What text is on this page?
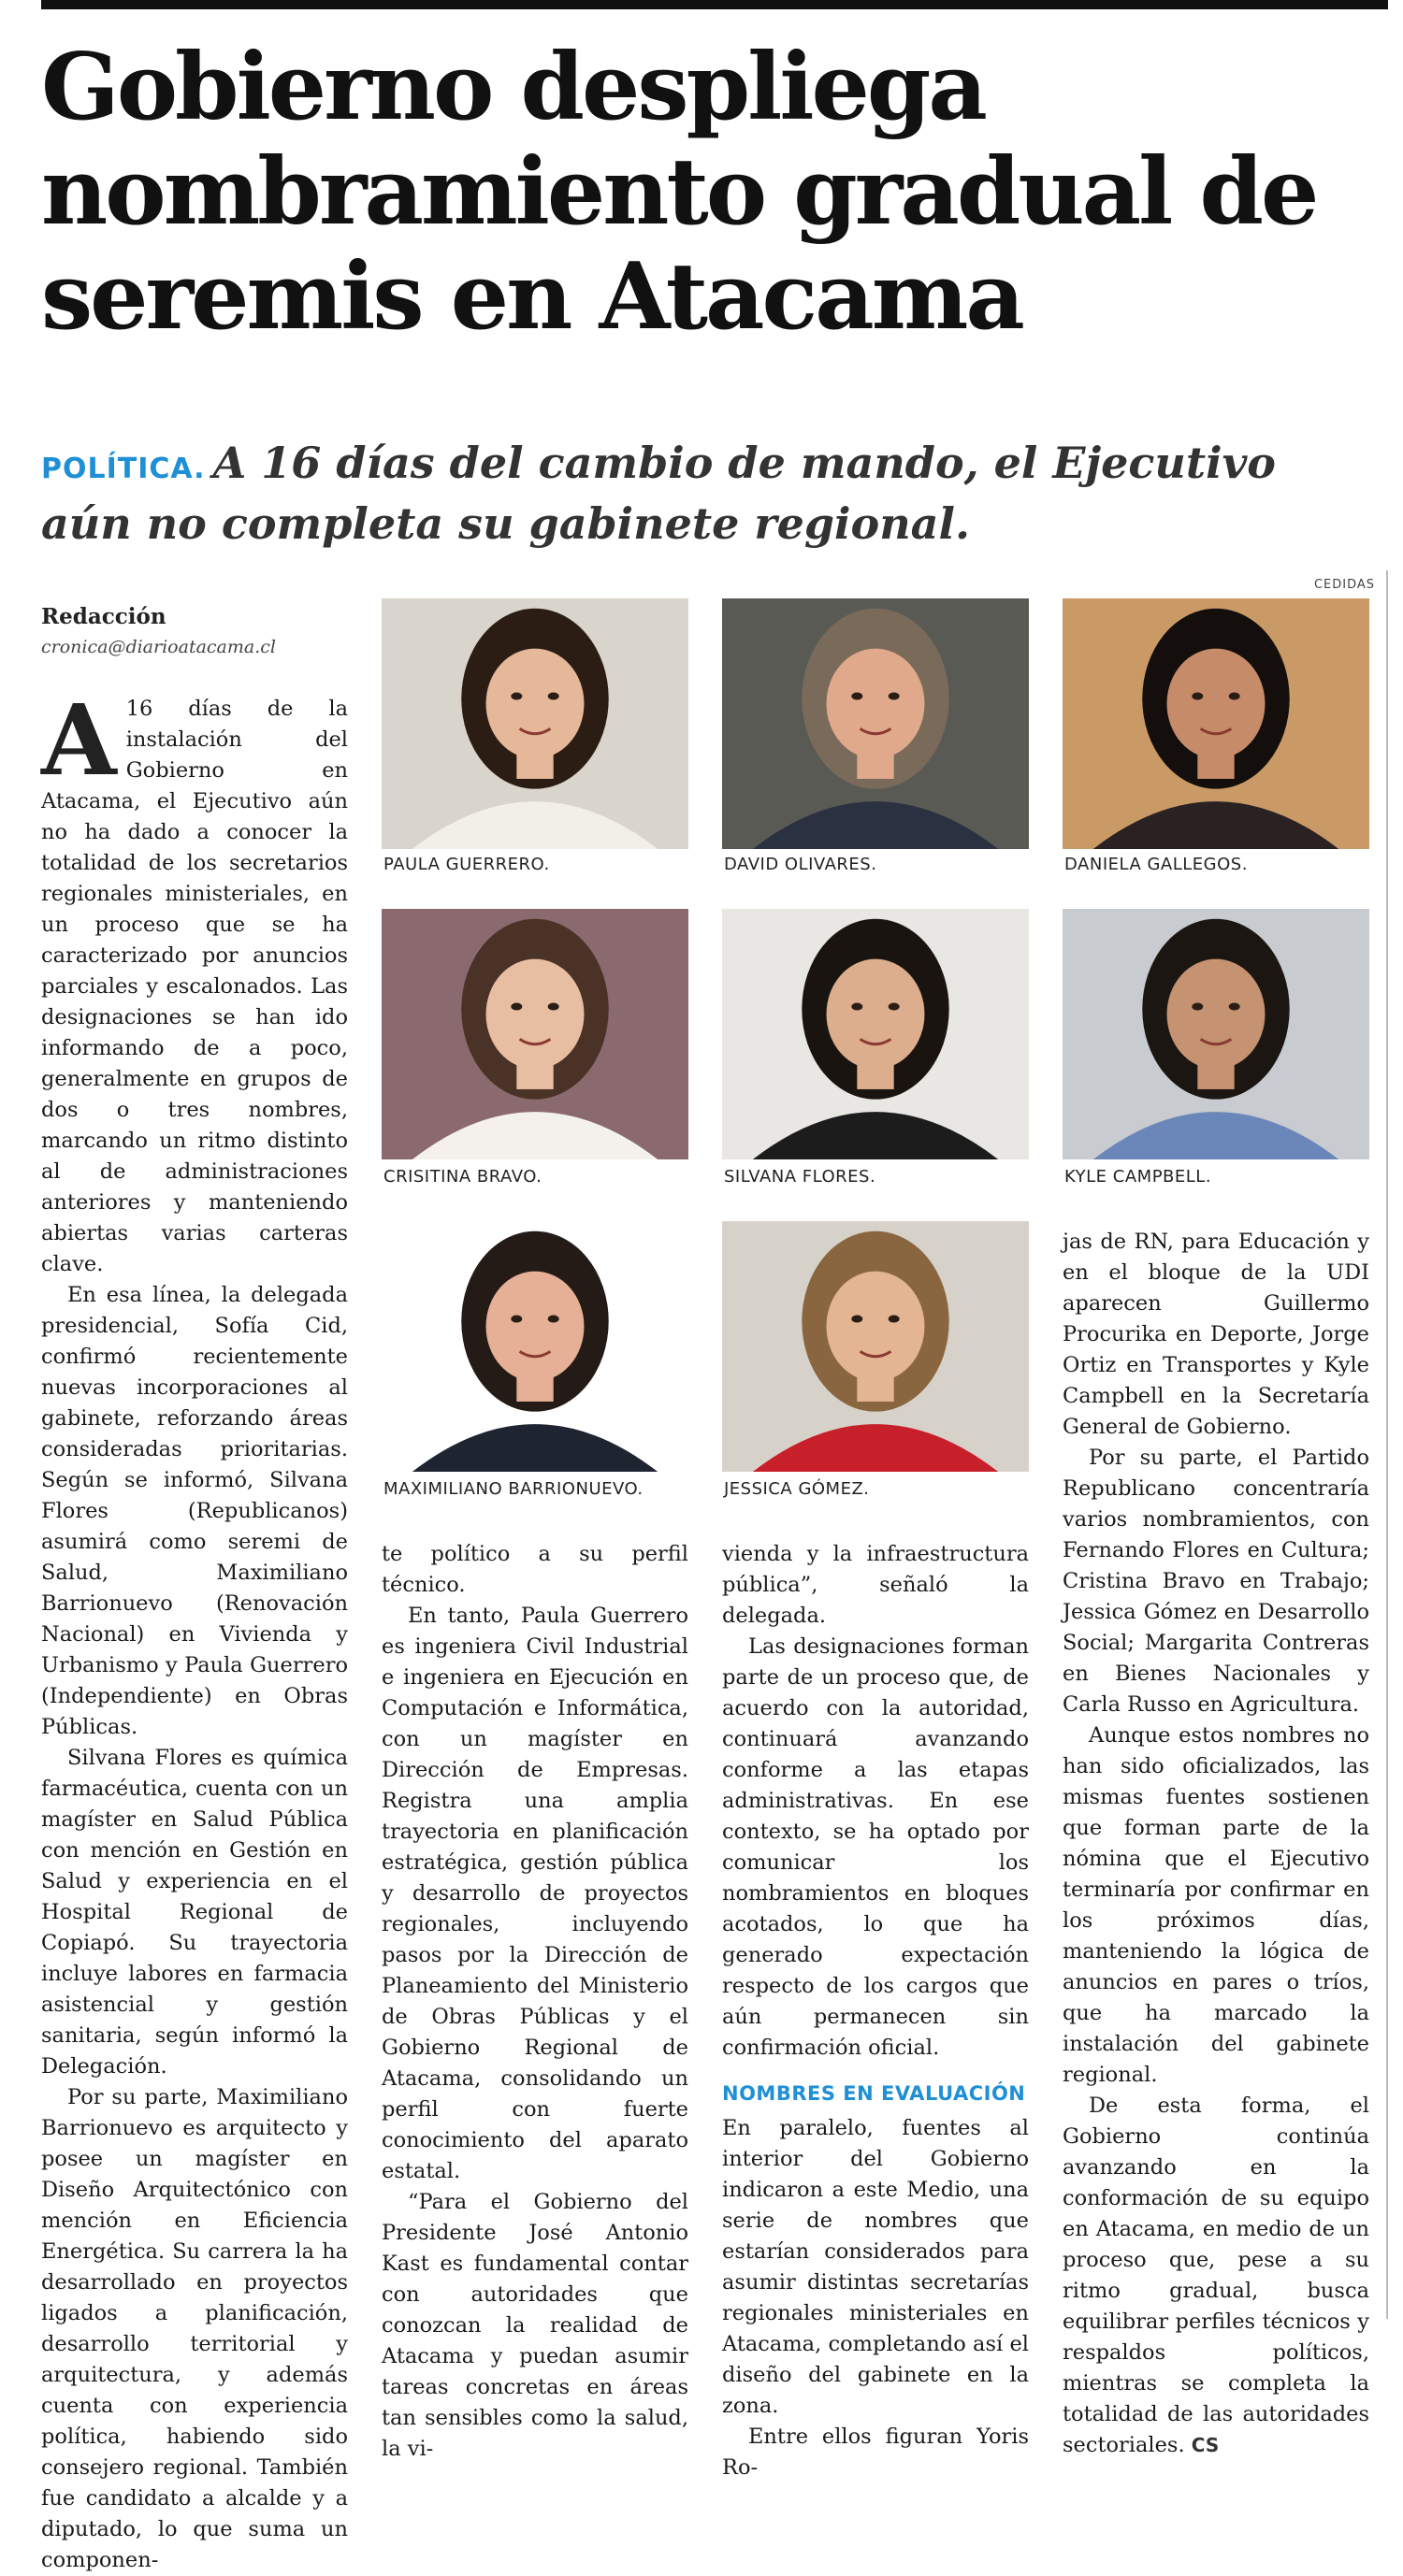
Gobierno despliega nombramiento gradual de seremis en Atacama
POLÍTICA. A 16 días del cambio de mando, el Ejecutivo aún no completa su gabinete regional.
CEDIDAS
Redacción
cronica@diarioatacama.cl
PAULA GUERRERO.	DAVID OLIVARES.	DANIELA GALLEGOS.
CRISITINA BRAVO.	SILVANA FLORES.	KYLE CAMPBELL.
MAXIMILIANO BARRIONUEVO.	JESSICA GÓMEZ.

A 16 días de la instalación del Gobierno en Atacama, el Ejecutivo aún no ha dado a conocer la totalidad de los secretarios regionales ministeriales, en un proceso que se ha caracterizado por anuncios parciales y escalonados. Las designaciones se han ido informando de a poco, generalmente en grupos de dos o tres nombres, marcando un ritmo distinto al de administraciones anteriores y manteniendo abiertas varias carteras clave.

En esa línea, la delegada presidencial, Sofía Cid, confirmó recientemente nuevas incorporaciones al gabinete, reforzando áreas consideradas prioritarias. Según se informó, Silvana Flores (Republicanos) asumirá como seremi de Salud, Maximiliano Barrionuevo (Renovación Nacional) en Vivienda y Urbanismo y Paula Guerrero (Independiente) en Obras Públicas.

Silvana Flores es química farmacéutica, cuenta con un magíster en Salud Pública con mención en Gestión en Salud y experiencia en el Hospital Regional de Copiapó. Su trayectoria incluye labores en farmacia asistencial y gestión sanitaria, según informó la Delegación.

Por su parte, Maximiliano Barrionuevo es arquitecto y posee un magíster en Diseño Arquitectónico con mención en Eficiencia Energética. Su carrera la ha desarrollado en proyectos ligados a planificación, desarrollo territorial y arquitectura, y además cuenta con experiencia política, habiendo sido consejero regional. También fue candidato a alcalde y a diputado, lo que suma un componen-

te político a su perfil técnico.

En tanto, Paula Guerrero es ingeniera Civil Industrial e ingeniera en Ejecución en Computación e Informática, con un magíster en Dirección de Empresas. Registra una amplia trayectoria en planificación estratégica, gestión pública y desarrollo de proyectos regionales, incluyendo pasos por la Dirección de Planeamiento del Ministerio de Obras Públicas y el Gobierno Regional de Atacama, consolidando un perfil con fuerte conocimiento del aparato estatal.

“Para el Gobierno del Presidente José Antonio Kast es fundamental contar con autoridades que conozcan la realidad de Atacama y puedan asumir tareas concretas en áreas tan sensibles como la salud, la vi-

vienda y la infraestructura pública”, señaló la delegada.

Las designaciones forman parte de un proceso que, de acuerdo con la autoridad, continuará avanzando conforme a las etapas administrativas. En ese contexto, se ha optado por comunicar los nombramientos en bloques acotados, lo que ha generado expectación respecto de los cargos que aún permanecen sin confirmación oficial.

NOMBRES EN EVALUACIÓN

En paralelo, fuentes al interior del Gobierno indicaron a este Medio, una serie de nombres que estarían considerados para asumir distintas secretarías regionales ministeriales en Atacama, completando así el diseño del gabinete en la zona.

Entre ellos figuran Yoris Ro-

jas de RN, para Educación y en el bloque de la UDI aparecen Guillermo Procurika en Deporte, Jorge Ortiz en Transportes y Kyle Campbell en la Secretaría General de Gobierno.

Por su parte, el Partido Republicano concentraría varios nombramientos, con Fernando Flores en Cultura; Cristina Bravo en Trabajo; Jessica Gómez en Desarrollo Social; Margarita Contreras en Bienes Nacionales y Carla Russo en Agricultura.

Aunque estos nombres no han sido oficializados, las mismas fuentes sostienen que forman parte de la nómina que el Ejecutivo terminaría por confirmar en los próximos días, manteniendo la lógica de anuncios en pares o tríos, que ha marcado la instalación del gabinete regional.

De esta forma, el Gobierno continúa avanzando en la conformación de su equipo en Atacama, en medio de un proceso que, pese a su ritmo gradual, busca equilibrar perfiles técnicos y respaldos políticos, mientras se completa la totalidad de las autoridades sectoriales. CS
